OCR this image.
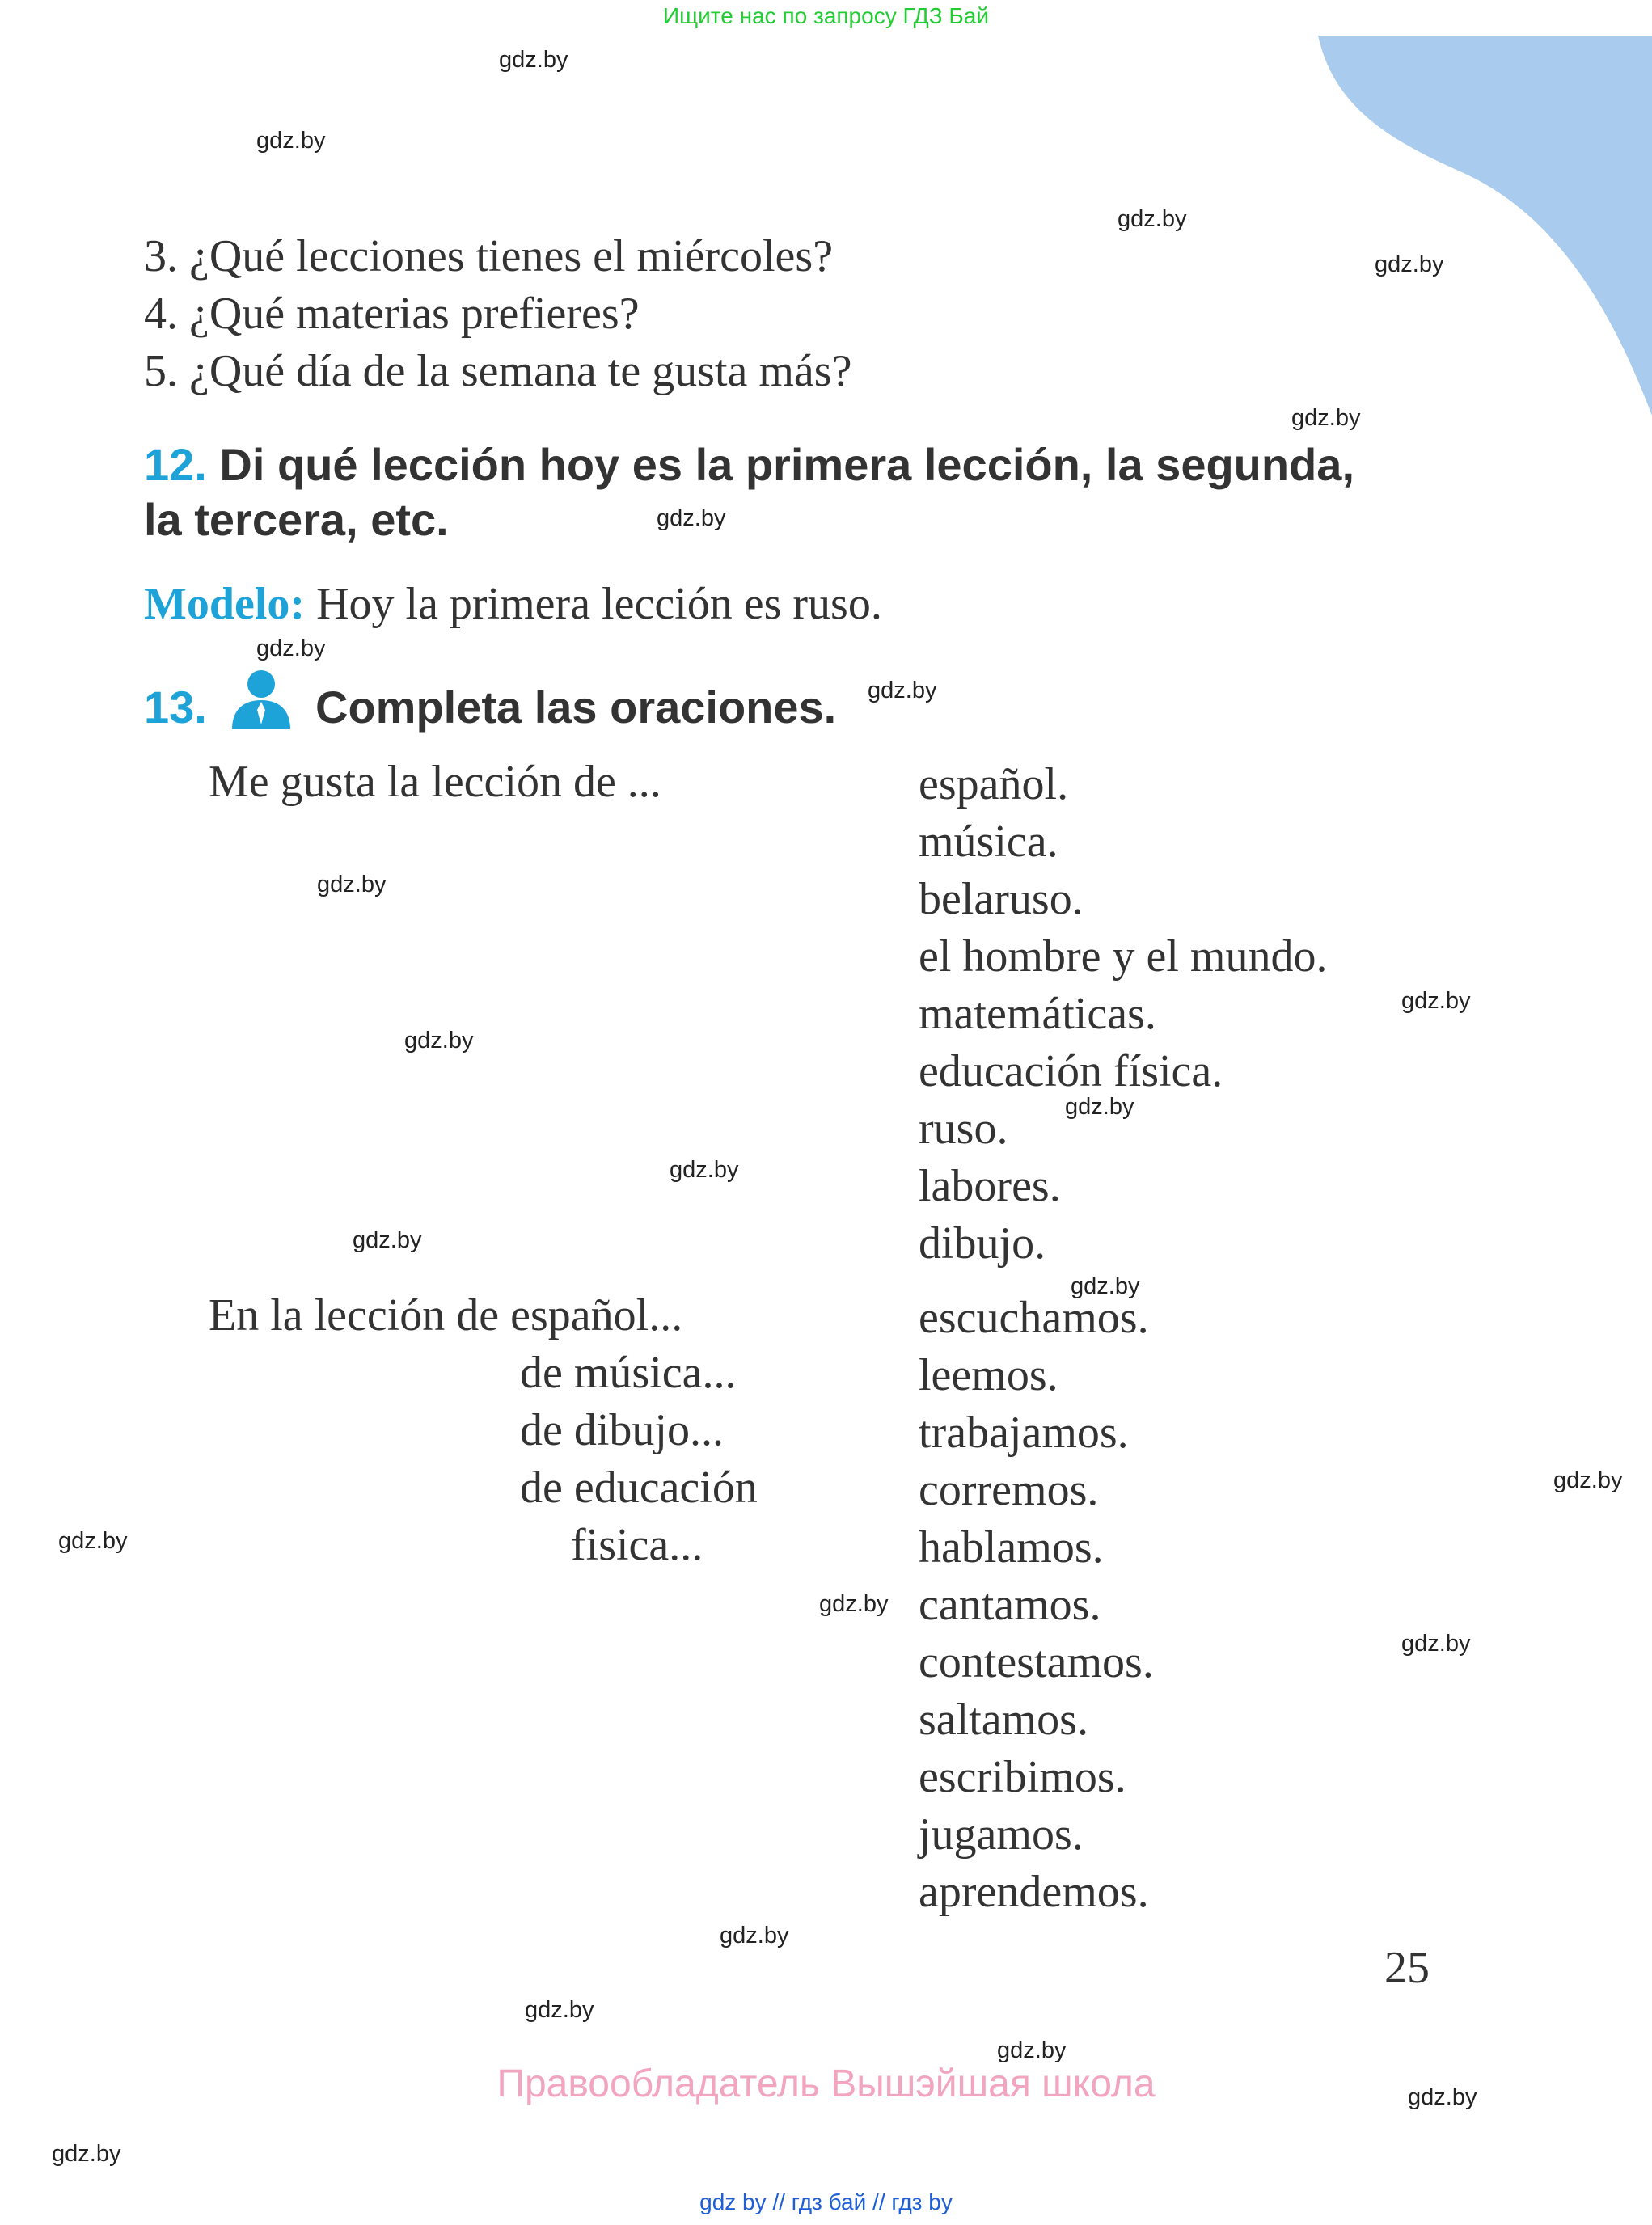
Ищите нас по запросу ГДЗ Бай
3. ¿Qué lecciones tienes el miércoles?
4. ¿Qué materias prefieres?
5. ¿Qué día de la semana te gusta más?
12. Di qué lección hoy es la primera lección, la segunda,
la tercera, etc.
Modelo: Hoy la primera lección es ruso.
13. Completa las oraciones.
Me gusta la lección de ...	español.
música.
belaruso.
el hombre y el mundo.
matemáticas.
educación física.
ruso.
labores.
dibujo.
En la lección de español...
de música...
de dibujo...
de educación
fisica...
escuchamos.
leemos.
trabajamos.
corremos.
hablamos.
cantamos.
contestamos.
saltamos.
escribimos.
jugamos.
aprendemos.
25
Правообладатель Вышэйшая школа
gdz by // гдз бай // гдз by
gdz.by
gdz.by
gdz.by
gdz.by
gdz.by
gdz.by
gdz.by
gdz.by
gdz.by
gdz.by
gdz.by
gdz.by
gdz.by
gdz.by
gdz.by
gdz.by
gdz.by
gdz.by
gdz.by
gdz.by
gdz.by
gdz.by
gdz.by
gdz.by
